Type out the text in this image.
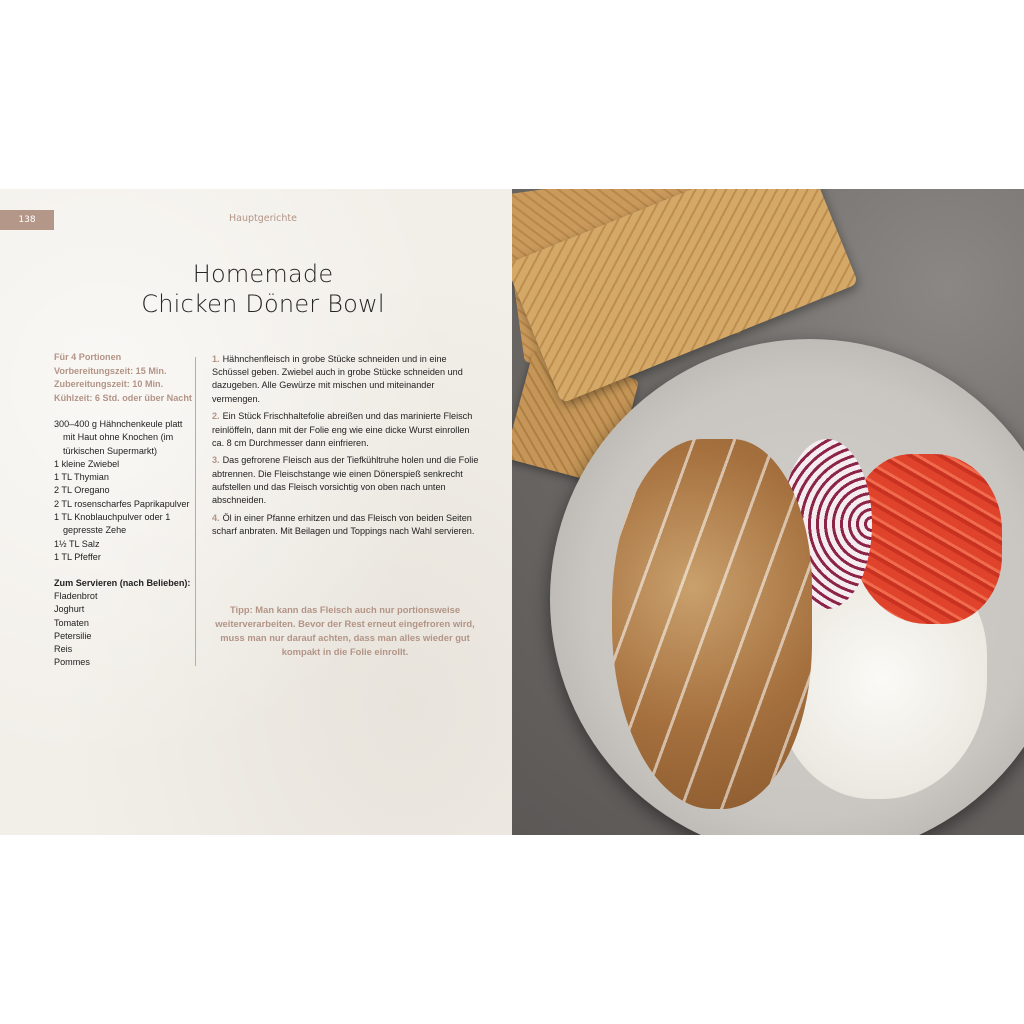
138	Hauptgerichte
Homemade
Chicken Döner Bowl
Für 4 Portionen
Vorbereitungszeit: 15 Min.
Zubereitungszeit: 10 Min.
Kühlzeit: 6 Std. oder über Nacht
300–400 g Hähnchenkeule platt mit Haut ohne Knochen (im türkischen Supermarkt)
1 kleine Zwiebel
1 TL Thymian
2 TL Oregano
2 TL rosenscharfes Paprikapulver
1 TL Knoblauchpulver oder 1 gepresste Zehe
1½ TL Salz
1 TL Pfeffer
Zum Servieren (nach Belieben):
Fladenbrot
Joghurt
Tomaten
Petersilie
Reis
Pommes
1. Hähnchenfleisch in grobe Stücke schneiden und in eine Schüssel geben. Zwiebel auch in grobe Stücke schneiden und dazugeben. Alle Gewürze mit mischen und miteinander vermengen.
2. Ein Stück Frischhaltefolie abreißen und das marinierte Fleisch reinlöffeln, dann mit der Folie eng wie eine dicke Wurst einrollen ca. 8 cm Durchmesser dann einfrieren.
3. Das gefrorene Fleisch aus der Tiefkühltruhe holen und die Folie abtrennen. Die Fleischstange wie einen Dönerspieß senkrecht aufstellen und das Fleisch vorsichtig von oben nach unten abschneiden.
4. Öl in einer Pfanne erhitzen und das Fleisch von beiden Seiten scharf anbraten. Mit Beilagen und Toppings nach Wahl servieren.
Tipp: Man kann das Fleisch auch nur portionsweise weiterverarbeiten. Bevor der Rest erneut eingefroren wird, muss man nur darauf achten, dass man alles wieder gut kompakt in die Folie einrollt.
